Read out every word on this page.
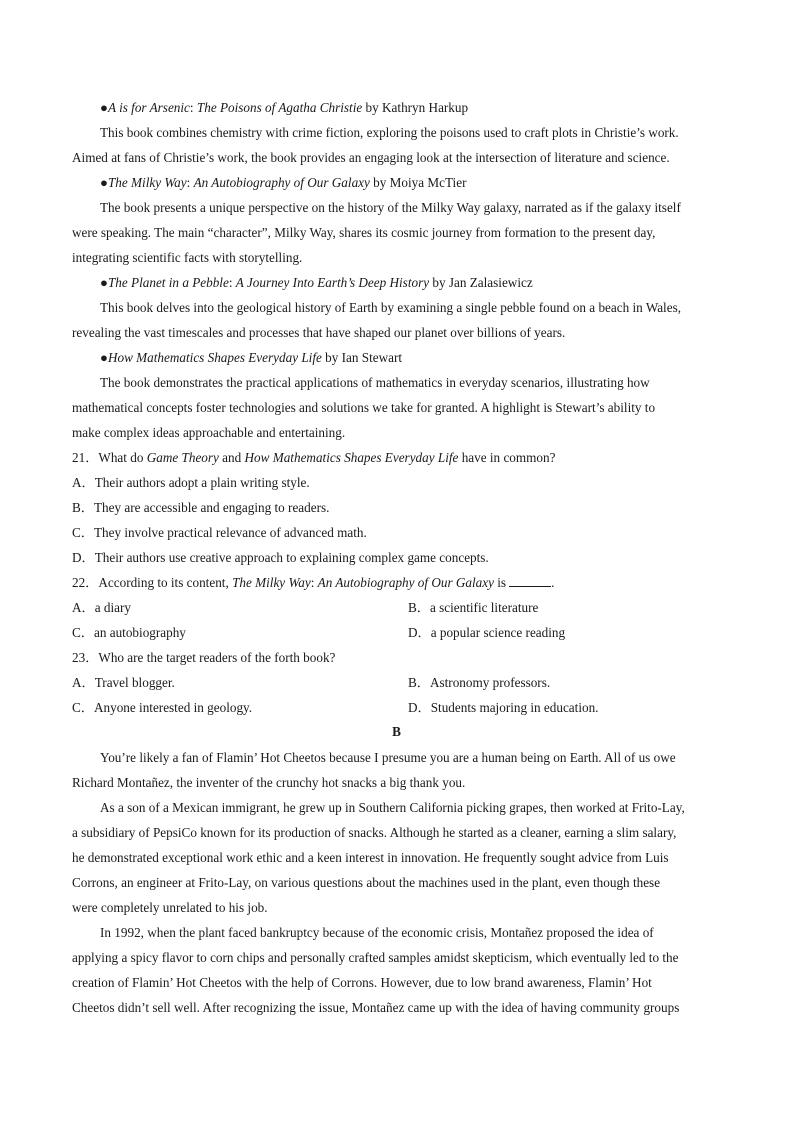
●A is for Arsenic: The Poisons of Agatha Christie by Kathryn Harkup
This book combines chemistry with crime fiction, exploring the poisons used to craft plots in Christie’s work.
Aimed at fans of Christie’s work, the book provides an engaging look at the intersection of literature and science.
●The Milky Way: An Autobiography of Our Galaxy by Moiya McTier
The book presents a unique perspective on the history of the Milky Way galaxy, narrated as if the galaxy itself
were speaking. The main “character”, Milky Way, shares its cosmic journey from formation to the present day,
integrating scientific facts with storytelling.
●The Planet in a Pebble: A Journey Into Earth’s Deep History by Jan Zalasiewicz
This book delves into the geological history of Earth by examining a single pebble found on a beach in Wales,
revealing the vast timescales and processes that have shaped our planet over billions of years.
●How Mathematics Shapes Everyday Life by Ian Stewart
The book demonstrates the practical applications of mathematics in everyday scenarios, illustrating how
mathematical concepts foster technologies and solutions we take for granted. A highlight is Stewart’s ability to
make complex ideas approachable and entertaining.
21．What do Game Theory and How Mathematics Shapes Everyday Life have in common?
A．Their authors adopt a plain writing style.
B．They are accessible and engaging to readers.
C．They involve practical relevance of advanced math.
D．Their authors use creative approach to explaining complex game concepts.
22．According to its content, The Milky Way: An Autobiography of Our Galaxy is	.
A．a diary	B．a scientific literature
C．an autobiography	D．a popular science reading
23．Who are the target readers of the forth book?
A．Travel blogger.	B．Astronomy professors.
C．Anyone interested in geology.	D．Students majoring in education.
B
You’re likely a fan of Flamin’ Hot Cheetos because I presume you are a human being on Earth. All of us owe
Richard Montañez, the inventer of the crunchy hot snacks a big thank you.
As a son of a Mexican immigrant, he grew up in Southern California picking grapes, then worked at Frito-Lay,
a subsidiary of PepsiCo known for its production of snacks. Although he started as a cleaner, earning a slim salary,
he demonstrated exceptional work ethic and a keen interest in innovation. He frequently sought advice from Luis
Corrons, an engineer at Frito-Lay, on various questions about the machines used in the plant, even though these
were completely unrelated to his job.
In 1992, when the plant faced bankruptcy because of the economic crisis, Montañez proposed the idea of
applying a spicy flavor to corn chips and personally crafted samples amidst skepticism, which eventually led to the
creation of Flamin’ Hot Cheetos with the help of Corrons. However, due to low brand awareness, Flamin’ Hot
Cheetos didn’t sell well. After recognizing the issue, Montañez came up with the idea of having community groups
